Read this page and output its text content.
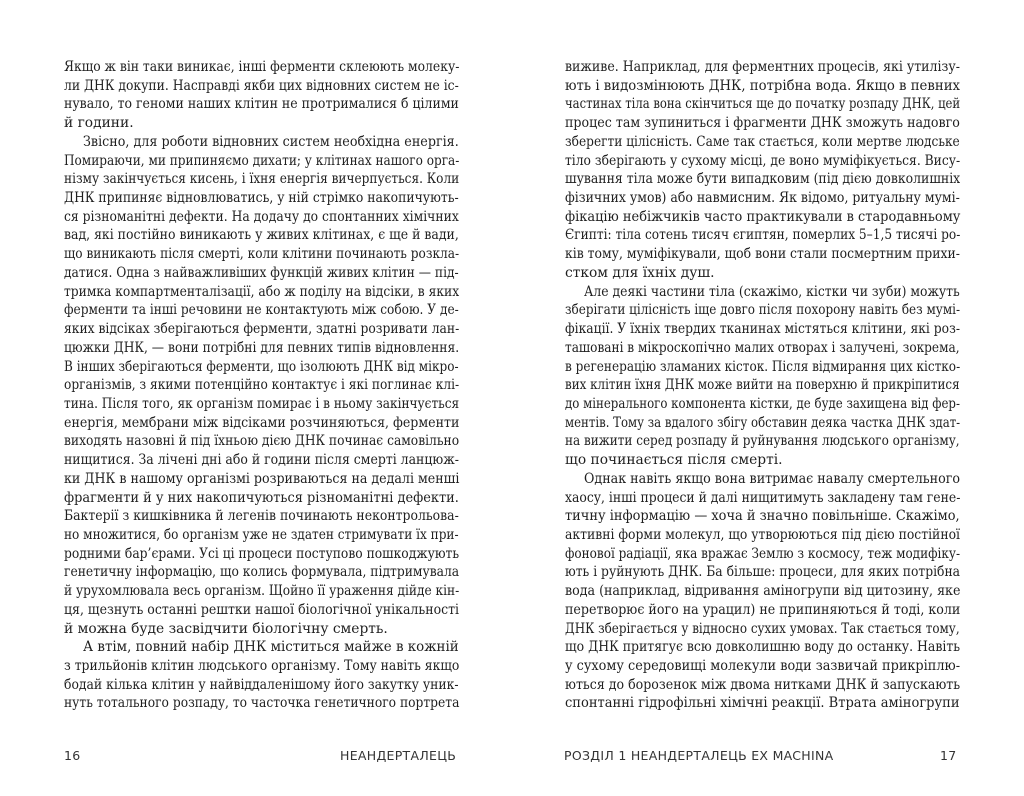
Якщо ж він таки виникає, інші ферменти склеюють молеку-
ли ДНК докупи. Насправді якби цих відновних систем не іс-
нувало, то геноми наших клітин не протрималися б цілими
й години.
Звісно, для роботи відновних систем необхідна енергія.
Помираючи, ми припиняємо дихати; у клітинах нашого орга-
нізму закінчується кисень, і їхня енергія вичерпується. Коли
ДНК припиняє відновлюватись, у ній стрімко накопичують-
ся різноманітні дефекти. На додачу до спонтанних хімічних
вад, які постійно виникають у живих клітинах, є ще й вади,
що виникають після смерті, коли клітини починають розкла-
датися. Одна з найважливіших функцій живих клітин — під-
тримка компартменталізації, або ж поділу на відсіки, в яких
ферменти та інші речовини не контактують між собою. У де-
яких відсіках зберігаються ферменти, здатні розривати лан-
цюжки ДНК, — вони потрібні для певних типів відновлення.
В інших зберігаються ферменти, що ізолюють ДНК від мікро-
організмів, з якими потенційно контактує і які поглинає клі-
тина. Після того, як організм помирає і в ньому закінчується
енергія, мембрани між відсіками розчиняються, ферменти
виходять назовні й під їхньою дією ДНК починає самовільно
нищитися. За лічені дні або й години після смерті ланцюж-
ки ДНК в нашому організмі розриваються на дедалі менші
фрагменти й у них накопичуються різноманітні дефекти.
Бактерії з кишківника й легенів починають неконтрольова-
но множитися, бо організм уже не здатен стримувати їх при-
родними бар’єрами. Усі ці процеси поступово пошкоджують
генетичну інформацію, що колись формувала, підтримувала
й урухомлювала весь організм. Щойно її ураження дійде кін-
ця, щезнуть останні рештки нашої біологічної унікальності
й можна буде засвідчити біологічну смерть.
А втім, повний набір ДНК міститься майже в кожній
з трильйонів клітин людського організму. Тому навіть якщо
бодай кілька клітин у найвіддаленішому його закутку уник-
нуть тотального розпаду, то часточка генетичного портрета
16	НЕАНДЕРТАЛЕЦЬ
виживе. Наприклад, для ферментних процесів, які утилізу-
ють і видозмінюють ДНК, потрібна вода. Якщо в певних
частинах тіла вона скінчиться ще до початку розпаду ДНК, цей
процес там зупиниться і фрагменти ДНК зможуть надовго
зберегти цілісність. Саме так стається, коли мертве людське
тіло зберігають у сухому місці, де воно муміфікується. Вису-
шування тіла може бути випадковим (під дією довколишніх
фізичних умов) або навмисним. Як відомо, ритуальну мумі-
фікацію небіжчиків часто практикували в стародавньому
Єгипті: тіла сотень тисяч єгиптян, померлих 5–1,5 тисячі ро-
ків тому, муміфікували, щоб вони стали посмертним прихи-
стком для їхніх душ.
Але деякі частини тіла (скажімо, кістки чи зуби) можуть
зберігати цілісність іще довго після похорону навіть без мумі-
фікації. У їхніх твердих тканинах містяться клітини, які роз-
ташовані в мікроскопічно малих отворах і залучені, зокрема,
в регенерацію зламаних кісток. Після відмирання цих кістко-
вих клітин їхня ДНК може вийти на поверхню й прикріпитися
до мінерального компонента кістки, де буде захищена від фер-
ментів. Тому за вдалого збігу обставин деяка частка ДНК здат-
на вижити серед розпаду й руйнування людського організму,
що починається після смерті.
Однак навіть якщо вона витримає навалу смертельного
хаосу, інші процеси й далі нищитимуть закладену там гене-
тичну інформацію — хоча й значно повільніше. Скажімо,
активні форми молекул, що утворюються під дією постійної
фонової радіації, яка вражає Землю з космосу, теж модифіку-
ють і руйнують ДНК. Ба більше: процеси, для яких потрібна
вода (наприклад, відривання аміногрупи від цитозину, яке
перетворює його на урацил) не припиняються й тоді, коли
ДНК зберігається у відносно сухих умовах. Так стається тому,
що ДНК притягує всю довколишню воду до останку. Навіть
у сухому середовищі молекули води зазвичай прикріплю-
ються до борозенок між двома нитками ДНК й запускають
спонтанні гідрофільні хімічні реакції. Втрата аміногрупи
РОЗДІЛ 1 НЕАНДЕРТАЛЕЦЬ EX MACHINA	17
